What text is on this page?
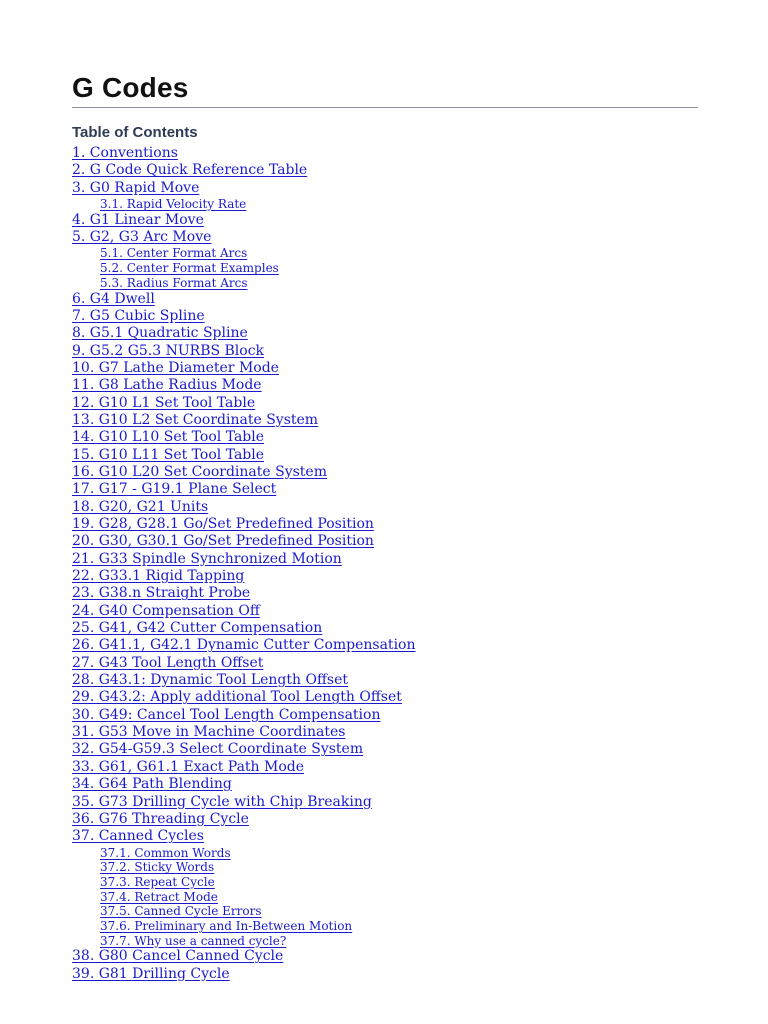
G Codes
Table of Contents
1. Conventions
2. G Code Quick Reference Table
3. G0 Rapid Move
3.1. Rapid Velocity Rate
4. G1 Linear Move
5. G2, G3 Arc Move
5.1. Center Format Arcs
5.2. Center Format Examples
5.3. Radius Format Arcs
6. G4 Dwell
7. G5 Cubic Spline
8. G5.1 Quadratic Spline
9. G5.2 G5.3 NURBS Block
10. G7 Lathe Diameter Mode
11. G8 Lathe Radius Mode
12. G10 L1 Set Tool Table
13. G10 L2 Set Coordinate System
14. G10 L10 Set Tool Table
15. G10 L11 Set Tool Table
16. G10 L20 Set Coordinate System
17. G17 - G19.1 Plane Select
18. G20, G21 Units
19. G28, G28.1 Go/Set Predefined Position
20. G30, G30.1 Go/Set Predefined Position
21. G33 Spindle Synchronized Motion
22. G33.1 Rigid Tapping
23. G38.n Straight Probe
24. G40 Compensation Off
25. G41, G42 Cutter Compensation
26. G41.1, G42.1 Dynamic Cutter Compensation
27. G43 Tool Length Offset
28. G43.1: Dynamic Tool Length Offset
29. G43.2: Apply additional Tool Length Offset
30. G49: Cancel Tool Length Compensation
31. G53 Move in Machine Coordinates
32. G54-G59.3 Select Coordinate System
33. G61, G61.1 Exact Path Mode
34. G64 Path Blending
35. G73 Drilling Cycle with Chip Breaking
36. G76 Threading Cycle
37. Canned Cycles
37.1. Common Words
37.2. Sticky Words
37.3. Repeat Cycle
37.4. Retract Mode
37.5. Canned Cycle Errors
37.6. Preliminary and In-Between Motion
37.7. Why use a canned cycle?
38. G80 Cancel Canned Cycle
39. G81 Drilling Cycle
